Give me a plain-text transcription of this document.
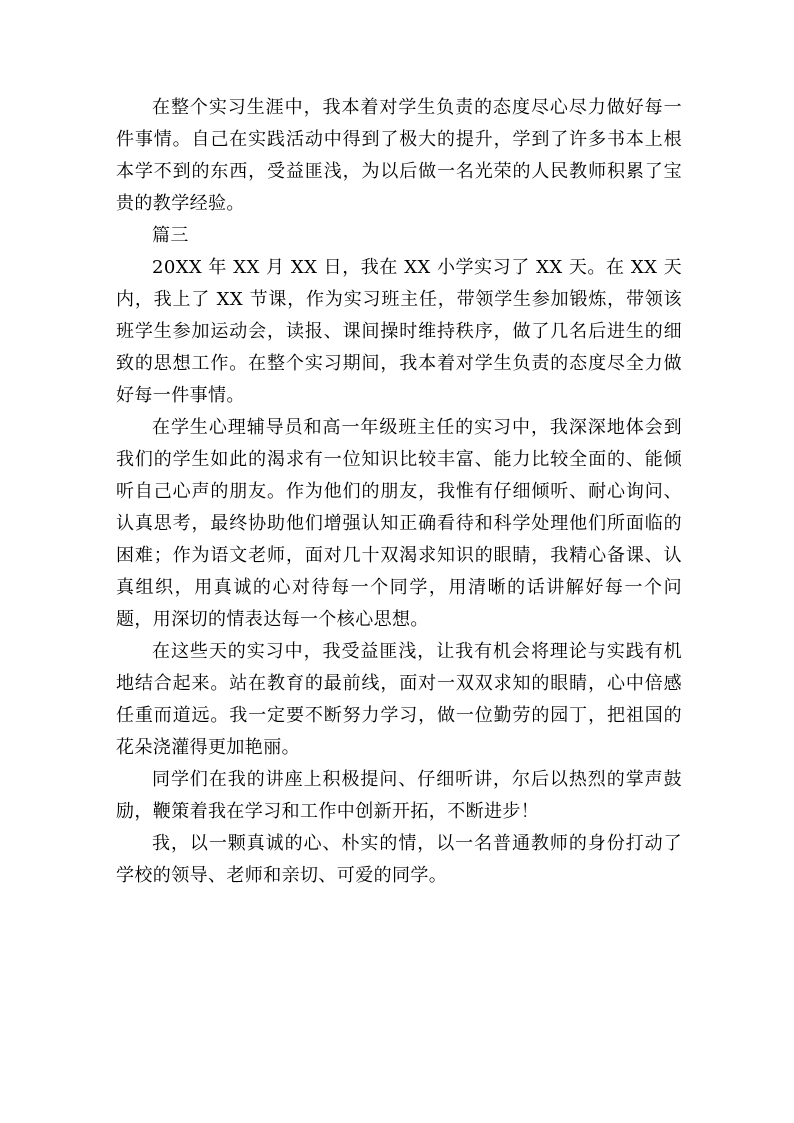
在整个实习生涯中，我本着对学生负责的态度尽心尽力做好每一件事情。自己在实践活动中得到了极大的提升，学到了许多书本上根本学不到的东西，受益匪浅，为以后做一名光荣的人民教师积累了宝贵的教学经验。

篇三

20XX 年 XX 月 XX 日，我在 XX 小学实习了 XX 天。在 XX 天内，我上了 XX 节课，作为实习班主任，带领学生参加锻炼，带领该班学生参加运动会，读报、课间操时维持秩序，做了几名后进生的细致的思想工作。在整个实习期间，我本着对学生负责的态度尽全力做好每一件事情。

在学生心理辅导员和高一年级班主任的实习中，我深深地体会到我们的学生如此的渴求有一位知识比较丰富、能力比较全面的、能倾听自己心声的朋友。作为他们的朋友，我惟有仔细倾听、耐心询问、认真思考，最终协助他们增强认知正确看待和科学处理他们所面临的困难；作为语文老师，面对几十双渴求知识的眼睛，我精心备课、认真组织，用真诚的心对待每一个同学，用清晰的话讲解好每一个问题，用深切的情表达每一个核心思想。

在这些天的实习中，我受益匪浅，让我有机会将理论与实践有机地结合起来。站在教育的最前线，面对一双双求知的眼睛，心中倍感任重而道远。我一定要不断努力学习，做一位勤劳的园丁，把祖国的花朵浇灌得更加艳丽。

同学们在我的讲座上积极提问、仔细听讲，尔后以热烈的掌声鼓励，鞭策着我在学习和工作中创新开拓，不断进步！

我，以一颗真诚的心、朴实的情，以一名普通教师的身份打动了学校的领导、老师和亲切、可爱的同学。
